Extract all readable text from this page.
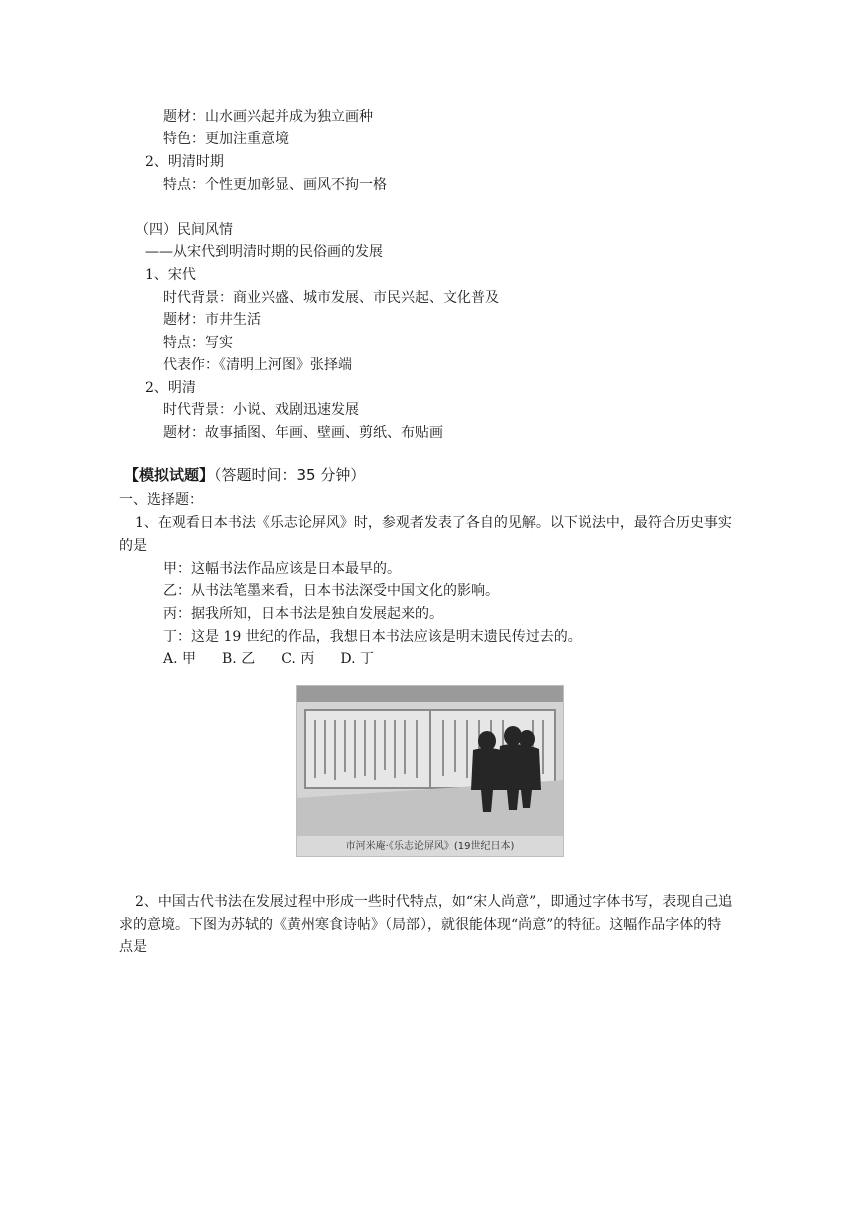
题材：山水画兴起并成为独立画种
特色：更加注重意境
2、明清时期
特点：个性更加彰显、画风不拘一格
（四）民间风情
——从宋代到明清时期的民俗画的发展
1、宋代
时代背景：商业兴盛、城市发展、市民兴起、文化普及
题材：市井生活
特点：写实
代表作：《清明上河图》张择端
2、明清
时代背景：小说、戏剧迅速发展
题材：故事插图、年画、壁画、剪纸、布贴画
【模拟试题】（答题时间：35 分钟）
一、选择题：
1、在观看日本书法《乐志论屏风》时，参观者发表了各自的见解。以下说法中，最符合历史事实的是
甲：这幅书法作品应该是日本最早的。
乙：从书法笔墨来看，日本书法深受中国文化的影响。
丙：据我所知，日本书法是独自发展起来的。
丁：这是 19 世纪的作品，我想日本书法应该是明末遗民传过去的。
A. 甲 B. 乙 C. 丙 D. 丁
市河米庵·《乐志论屏风》(19世纪日本)
2、中国古代书法在发展过程中形成一些时代特点，如“宋人尚意”，即通过字体书写，表现自己追求的意境。下图为苏轼的《黄州寒食诗帖》（局部），就很能体现“尚意”的特征。这幅作品字体的特点是
